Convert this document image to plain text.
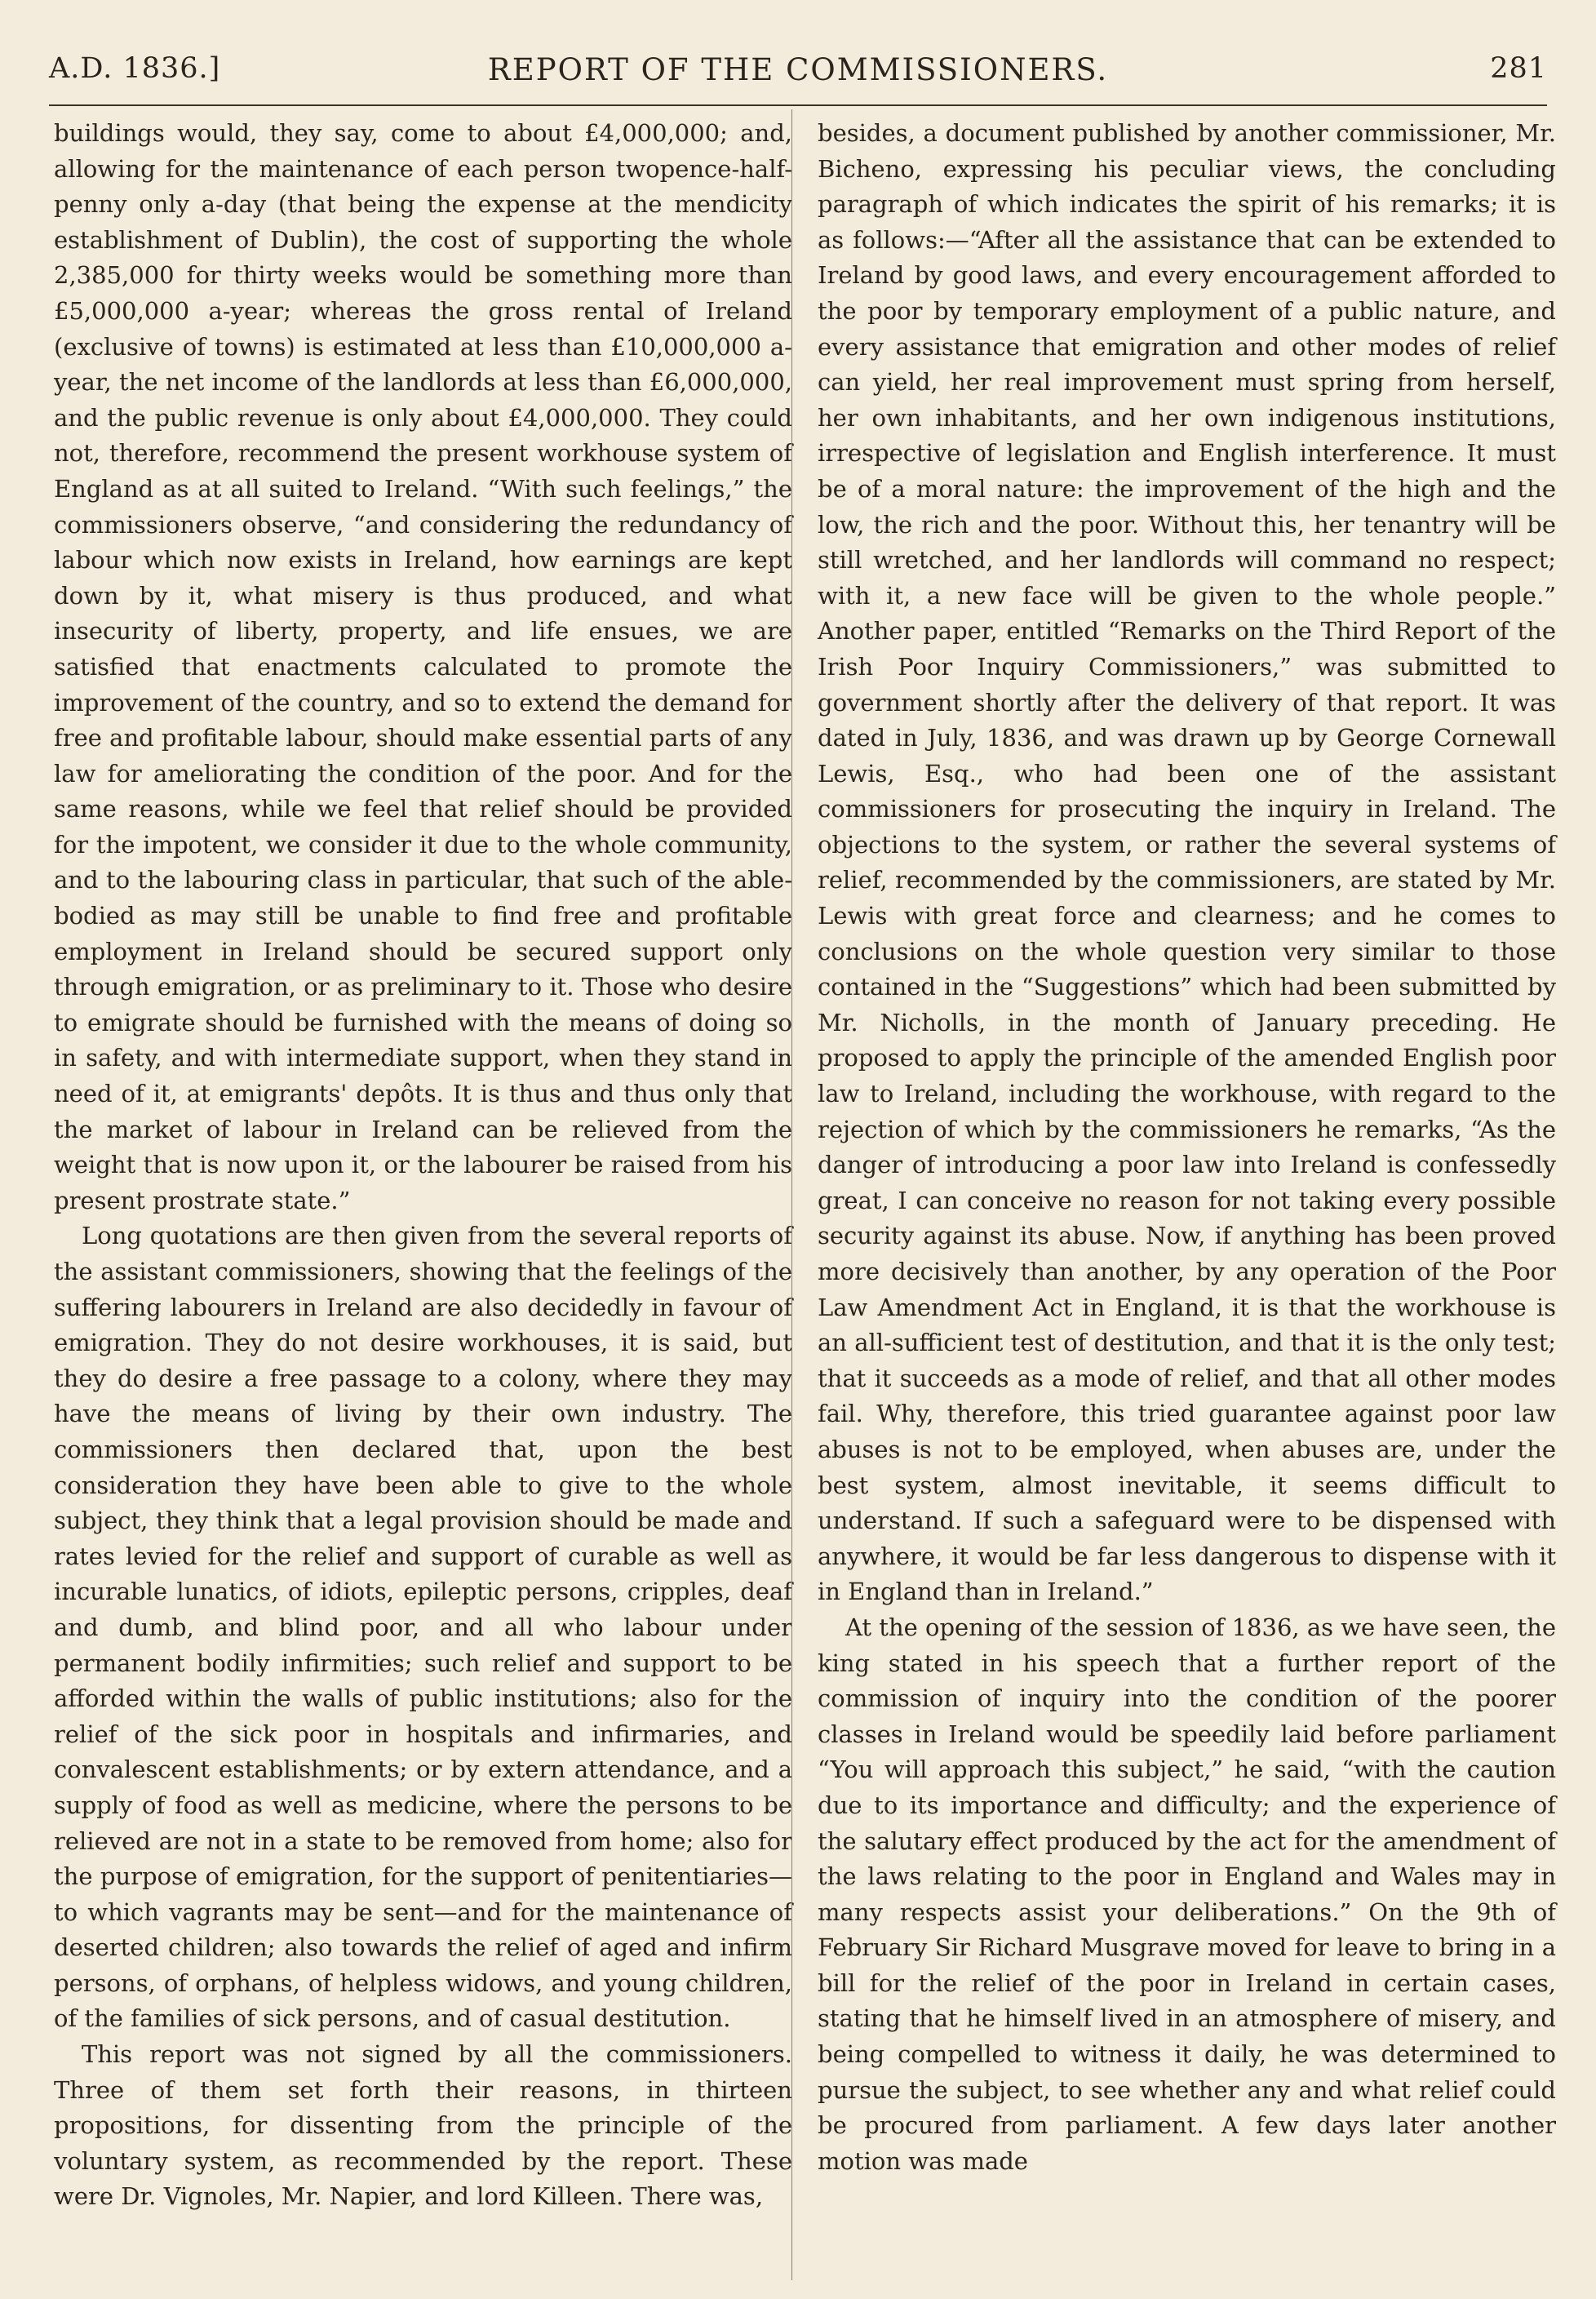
A.D. 1836.]	REPORT OF THE COMMISSIONERS.	281

buildings would, they say, come to about £4,000,000; and, allowing for the maintenance of each person twopence-half-penny only a-day (that being the expense at the mendicity establishment of Dublin), the cost of supporting the whole 2,385,000 for thirty weeks would be something more than £5,000,000 a-year; whereas the gross rental of Ireland (exclusive of towns) is estimated at less than £10,000,000 a-year, the net income of the landlords at less than £6,000,000, and the public revenue is only about £4,000,000. They could not, therefore, recommend the present workhouse system of England as at all suited to Ireland. “With such feelings,” the commissioners observe, “and considering the redundancy of labour which now exists in Ireland, how earnings are kept down by it, what misery is thus produced, and what insecurity of liberty, property, and life ensues, we are satisfied that enactments calculated to promote the improvement of the country, and so to extend the demand for free and profitable labour, should make essential parts of any law for ameliorating the condition of the poor. And for the same reasons, while we feel that relief should be provided for the impotent, we consider it due to the whole community, and to the labouring class in particular, that such of the able-bodied as may still be unable to find free and profitable employment in Ireland should be secured support only through emigration, or as preliminary to it. Those who desire to emigrate should be furnished with the means of doing so in safety, and with intermediate support, when they stand in need of it, at emigrants' depôts. It is thus and thus only that the market of labour in Ireland can be relieved from the weight that is now upon it, or the labourer be raised from his present prostrate state.”

Long quotations are then given from the several reports of the assistant commissioners, showing that the feelings of the suffering labourers in Ireland are also decidedly in favour of emigration. They do not desire workhouses, it is said, but they do desire a free passage to a colony, where they may have the means of living by their own industry. The commissioners then declared that, upon the best consideration they have been able to give to the whole subject, they think that a legal provision should be made and rates levied for the relief and support of curable as well as incurable lunatics, of idiots, epileptic persons, cripples, deaf and dumb, and blind poor, and all who labour under permanent bodily infirmities; such relief and support to be afforded within the walls of public institutions; also for the relief of the sick poor in hospitals and infirmaries, and convalescent establishments; or by extern attendance, and a supply of food as well as medicine, where the persons to be relieved are not in a state to be removed from home; also for the purpose of emigration, for the support of penitentiaries—to which vagrants may be sent—and for the maintenance of deserted children; also towards the relief of aged and infirm persons, of orphans, of helpless widows, and young children, of the families of sick persons, and of casual destitution.

This report was not signed by all the commissioners. Three of them set forth their reasons, in thirteen propositions, for dissenting from the principle of the voluntary system, as recommended by the report. These were Dr. Vignoles, Mr. Napier, and lord Killeen. There was,

besides, a document published by another commissioner, Mr. Bicheno, expressing his peculiar views, the concluding paragraph of which indicates the spirit of his remarks; it is as follows:—“After all the assistance that can be extended to Ireland by good laws, and every encouragement afforded to the poor by temporary employment of a public nature, and every assistance that emigration and other modes of relief can yield, her real improvement must spring from herself, her own inhabitants, and her own indigenous institutions, irrespective of legislation and English interference. It must be of a moral nature: the improvement of the high and the low, the rich and the poor. Without this, her tenantry will be still wretched, and her landlords will command no respect; with it, a new face will be given to the whole people.” Another paper, entitled “Remarks on the Third Report of the Irish Poor Inquiry Commissioners,” was submitted to government shortly after the delivery of that report. It was dated in July, 1836, and was drawn up by George Cornewall Lewis, Esq., who had been one of the assistant commissioners for prosecuting the inquiry in Ireland. The objections to the system, or rather the several systems of relief, recommended by the commissioners, are stated by Mr. Lewis with great force and clearness; and he comes to conclusions on the whole question very similar to those contained in the “Suggestions” which had been submitted by Mr. Nicholls, in the month of January preceding. He proposed to apply the principle of the amended English poor law to Ireland, including the workhouse, with regard to the rejection of which by the commissioners he remarks, “As the danger of introducing a poor law into Ireland is confessedly great, I can conceive no reason for not taking every possible security against its abuse. Now, if anything has been proved more decisively than another, by any operation of the Poor Law Amendment Act in England, it is that the workhouse is an all-sufficient test of destitution, and that it is the only test; that it succeeds as a mode of relief, and that all other modes fail. Why, therefore, this tried guarantee against poor law abuses is not to be employed, when abuses are, under the best system, almost inevitable, it seems difficult to understand. If such a safeguard were to be dispensed with anywhere, it would be far less dangerous to dispense with it in England than in Ireland.”

At the opening of the session of 1836, as we have seen, the king stated in his speech that a further report of the commission of inquiry into the condition of the poorer classes in Ireland would be speedily laid before parliament “You will approach this subject,” he said, “with the caution due to its importance and difficulty; and the experience of the salutary effect produced by the act for the amendment of the laws relating to the poor in England and Wales may in many respects assist your deliberations.” On the 9th of February Sir Richard Musgrave moved for leave to bring in a bill for the relief of the poor in Ireland in certain cases, stating that he himself lived in an atmosphere of misery, and being compelled to witness it daily, he was determined to pursue the subject, to see whether any and what relief could be procured from parliament. A few days later another motion was made
